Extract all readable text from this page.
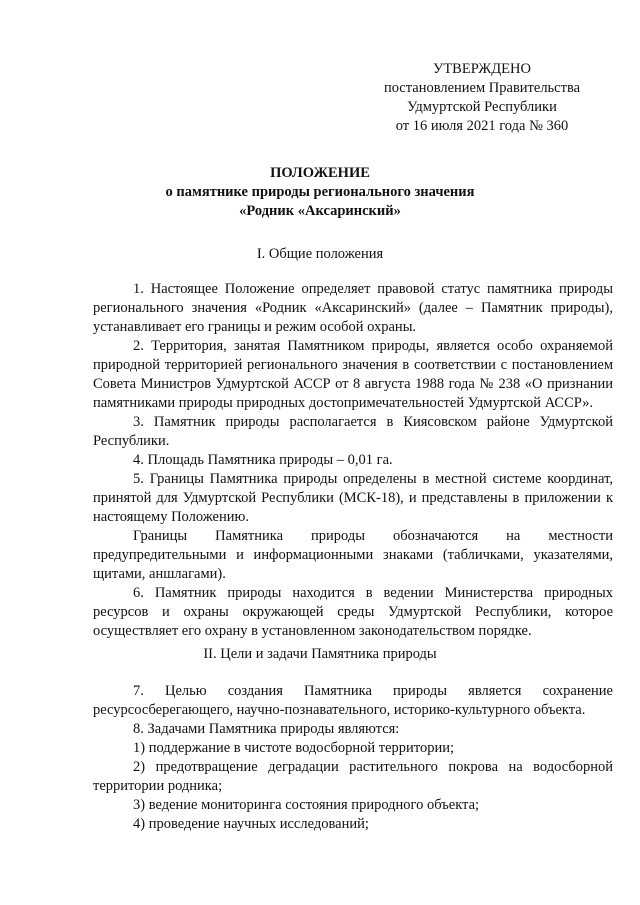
УТВЕРЖДЕНО
постановлением Правительства
Удмуртской Республики
от 16 июля 2021 года № 360
ПОЛОЖЕНИЕ
о памятнике природы регионального значения
«Родник «Аксаринский»
I. Общие положения

1. Настоящее Положение определяет правовой статус памятника природы регионального значения «Родник «Аксаринский» (далее – Памятник природы), устанавливает его границы и режим особой охраны.

2. Территория, занятая Памятником природы, является особо охраняемой природной территорией регионального значения в соответствии с постановлением Совета Министров Удмуртской АССР от 8 августа 1988 года № 238 «О признании памятниками природы природных достопримечательностей Удмуртской АССР».

3. Памятник природы располагается в Киясовском районе Удмуртской Республики.

4. Площадь Памятника природы – 0,01 га.

5. Границы Памятника природы определены в местной системе координат, принятой для Удмуртской Республики (МСК-18), и представлены в приложении к настоящему Положению.

Границы Памятника природы обозначаются на местности предупредительными и информационными знаками (табличками, указателями, щитами, аншлагами).

6. Памятник природы находится в ведении Министерства природных ресурсов и охраны окружающей среды Удмуртской Республики, которое осуществляет его охрану в установленном законодательством порядке.

II. Цели и задачи Памятника природы

7. Целью создания Памятника природы является сохранение ресурсосберегающего, научно-познавательного, историко-культурного объекта.

8. Задачами Памятника природы являются:

1) поддержание в чистоте водосборной территории;

2) предотвращение деградации растительного покрова на водосборной территории родника;

3) ведение мониторинга состояния природного объекта;

4) проведение научных исследований;
